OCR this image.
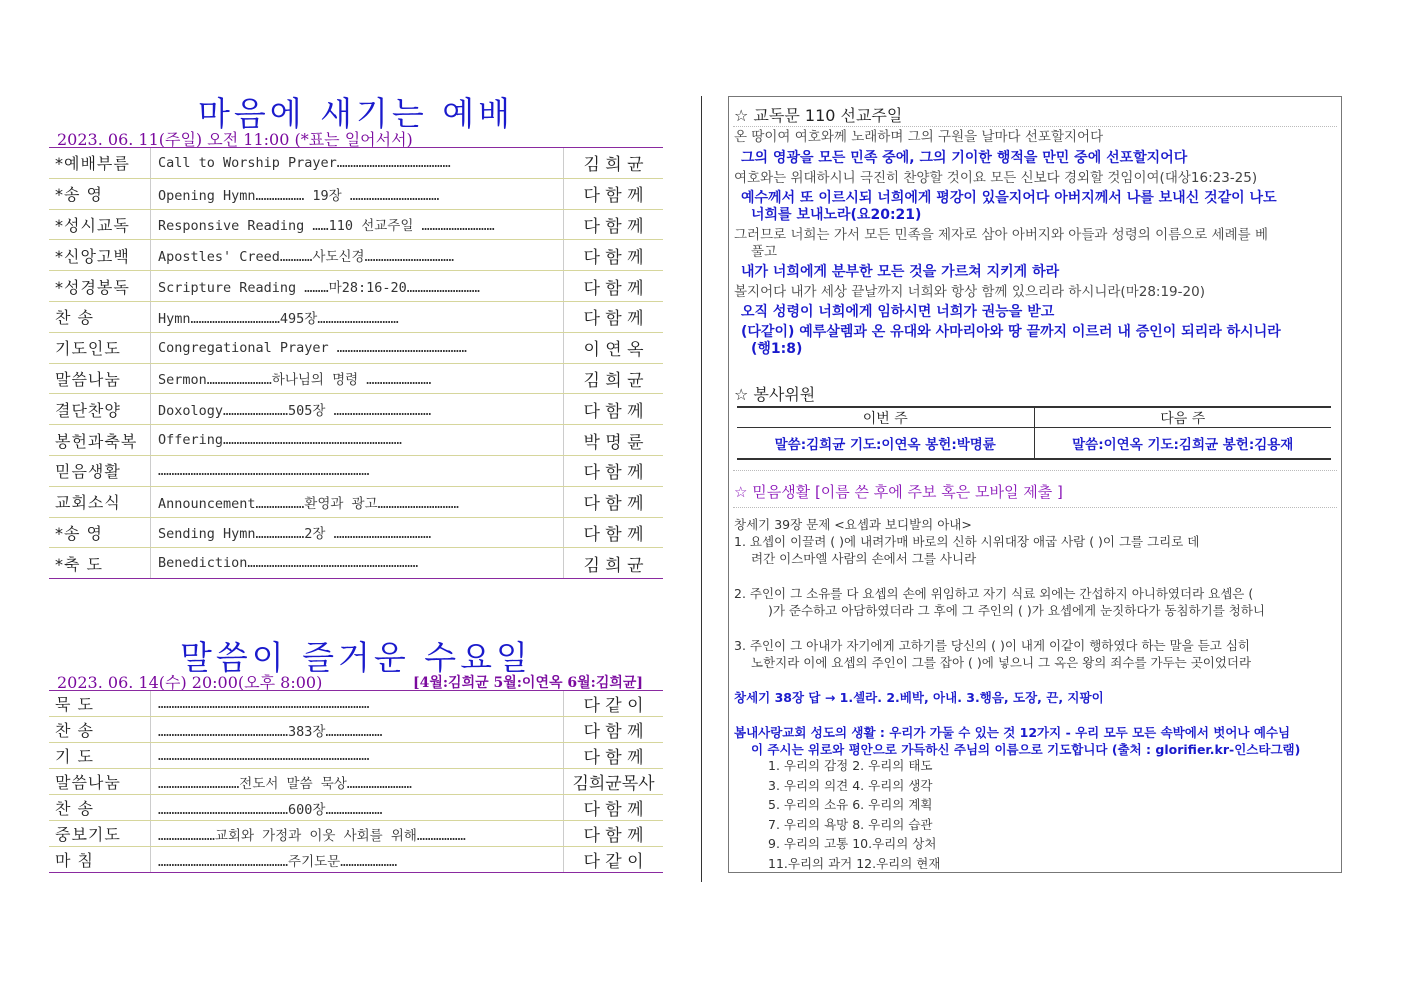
마음에 새기는 예배
2023. 06. 11(주일) 오전 11:00 (*표는 일어서서)
*예배부름	Call to Worship Prayer……………………………………	김 희 균
*송 영	Opening Hymn……………… 19장 ……………………………	다 함 께
*성시교독	Responsive Reading ……110 선교주일 ………………………	다 함 께
*신앙고백	Apostles' Creed…………사도신경……………………………	다 함 께
*성경봉독	Scripture Reading ………마28:16-20………………………	다 함 께
찬 송	Hymn……………………………495장…………………………	다 함 께
기도인도	Congregational Prayer …………………………………………	이 연 옥
말씀나눔	Sermon……………………하나님의 명령 ……………………	김 희 균
결단찬양	Doxology……………………505장 ………………………………	다 함 께
봉헌과축복	Offering…………………………………………………………	박 명 륜
믿음생활	……………………………………………………………………	다 함 께
교회소식	Announcement………………환영과 광고…………………………	다 함 께
*송 영	Sending Hymn………………2장 ………………………………	다 함 께
*축 도	Benediction………………………………………………………	김 희 균
말씀이 즐거운 수요일
2023. 06. 14(수) 20:00(오후 8:00)	[4월:김희균 5월:이연옥 6월:김희균]
묵 도	……………………………………………………………………	다 같 이
찬 송	…………………………………………383장…………………	다 함 께
기 도	……………………………………………………………………	다 함 께
말씀나눔	…………………………전도서 말씀 묵상……………………	김희균목사
찬 송	…………………………………………600장…………………	다 함 께
중보기도	…………………교회와 가정과 이웃 사회를 위해………………	다 함 께
마 침	…………………………………………주기도문…………………	다 같 이
☆ 교독문 110 선교주일
온 땅이여 여호와께 노래하며 그의 구원을 날마다 선포할지어다
그의 영광을 모든 민족 중에, 그의 기이한 행적을 만민 중에 선포할지어다
여호와는 위대하시니 극진히 찬양할 것이요 모든 신보다 경외할 것임이여(대상16:23-25)
예수께서 또 이르시되 너희에게 평강이 있을지어다 아버지께서 나를 보내신 것같이 나도
너희를 보내노라(요20:21)
그러므로 너희는 가서 모든 민족을 제자로 삼아 아버지와 아들과 성령의 이름으로 세례를 베
풀고
내가 너희에게 분부한 모든 것을 가르쳐 지키게 하라
볼지어다 내가 세상 끝날까지 너희와 항상 함께 있으리라 하시니라(마28:19-20)
오직 성령이 너희에게 임하시면 너희가 권능을 받고
(다같이) 예루살렘과 온 유대와 사마리아와 땅 끝까지 이르러 내 증인이 되리라 하시니라
(행1:8)
☆ 봉사위원
이번 주	다음 주
말씀:김희균 기도:이연옥 봉헌:박명륜	말씀:이연옥 기도:김희균 봉헌:김용재
☆ 믿음생활 [이름 쓴 후에 주보 혹은 모바일 제출 ]
창세기 39장 문제 <요셉과 보디발의 아내>
1. 요셉이 이끌려 ( )에 내려가매 바로의 신하 시위대장 애굽 사람 ( )이 그를 그리로 데
려간 이스마엘 사람의 손에서 그를 사니라
2. 주인이 그 소유를 다 요셉의 손에 위임하고 자기 식료 외에는 간섭하지 아니하였더라 요셉은 (
)가 준수하고 아담하였더라 그 후에 그 주인의 ( )가 요셉에게 눈짓하다가 동침하기를 청하니
3. 주인이 그 아내가 자기에게 고하기를 당신의 ( )이 내게 이같이 행하였다 하는 말을 듣고 심히
노한지라 이에 요셉의 주인이 그를 잡아 ( )에 넣으니 그 옥은 왕의 죄수를 가두는 곳이었더라
창세기 38장 답 → 1.셀라. 2.베박, 아내. 3.행음, 도장, 끈, 지팡이
봄내사랑교회 성도의 생활 : 우리가 가둘 수 있는 것 12가지 - 우리 모두 모든 속박에서 벗어나 예수님
이 주시는 위로와 평안으로 가득하신 주님의 이름으로 기도합니다 (출처 : glorifier.kr-인스타그램)
1. 우리의 감정 2. 우리의 태도
3. 우리의 의견 4. 우리의 생각
5. 우리의 소유 6. 우리의 계획
7. 우리의 욕망 8. 우리의 습관
9. 우리의 고통 10.우리의 상처
11.우리의 과거 12.우리의 현재
